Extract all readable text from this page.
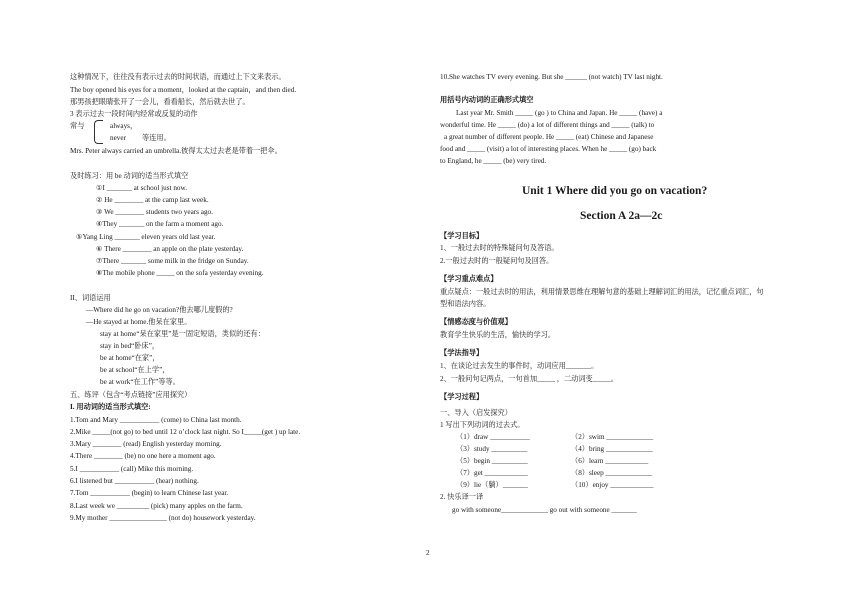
这种情况下，往往没有表示过去的时间状语，而通过上下文来表示。
The boy opened his eyes for a moment，looked at the captain，and then died.
那男孩把眼睛张开了一会儿，看看船长，然后就去世了。
3 表示过去一段时间内经常或反复的动作
常与	always，
never 等连用。
Mrs. Peter always carried an umbrella.彼得太太过去老是带着一把伞。
及时练习：用 be 动词的适当形式填空
①I _______ at school just now.
② He ________ at the camp last week.
③ We ________ students two years ago.
④They _______ on the farm a moment ago.
⑤Yang Ling _______ eleven years old last year.
⑥ There ________ an apple on the plate yesterday.
⑦There _______ some milk in the fridge on Sunday.
⑧The mobile phone _____ on the sofa yesterday evening.
II、词语运用
—Where did he go on vacation?他去哪儿度假的?
—He stayed at home.他呆在家里。
stay at home“呆在家里”是一固定短语，类似的还有：
stay in bed“卧床”，
be at home“在家”，
be at school“在上学”，
be at work“在工作”等等。
五、练评（包含“考点链接”应用探究）
I. 用动词的适当形式填空:
1.Tom and Mary ___________ (come) to China last month.
2.Mike _____(not go) to bed until 12 o’clock last night. So I_____(get ) up late.
3.Mary ________ (read) English yesterday morning.
4.There ________ (be) no one here a moment ago.
5.I ___________ (call) Mike this morning.
6.I listened but ___________ (hear) nothing.
7.Tom ___________ (begin) to learn Chinese last year.
8.Last week we _________ (pick) many apples on the farm.
9.My mother ________________ (not do) housework yesterday.
10.She watches TV every evening. But she ______ (not watch) TV last night.
用括号内动词的正确形式填空
Last year Mr. Smith _____ (go ) to China and Japan. He _____ (have) a
wonderful time. He _____ (do) a lot of different things and _____ (talk) to
a great number of different people. He _____ (eat) Chinese and Japanese
food and _____ (visit) a lot of interesting places. When he _____ (go) back
to England, he _____ (be) very tired.
Unit 1 Where did you go on vacation?
Section A 2a—2c
【学习目标】
1、一般过去时的特殊疑问句及答语。
2.一般过去时的一般疑问句及回答。
【学习重点难点】
重点疑点：一般过去时的用法，利用情景思维在理解句意的基础上理解词汇的用法，记忆重点词汇，句
型和语法内容。
【情感态度与价值观】
教育学生快乐的生活，愉快的学习。
【学法指导】
1、在谈论过去发生的事件时，动词应用_______。
2、一般问句记两点，一句首加_____ ，二动词变_____。
【学习过程】
一、导入（启发探究）
1 写出下列动词的过去式。
（1）draw ___________
（3）study __________
（5）begin __________
（7）get ____________
（9）lie（躺）_______
（2）swim _____________
（4）bring _____________
（6）learn ____________
（8）sleep _____________
（10）enjoy ____________
2. 快乐译一译
go with someone_____________ go out with someone _______
2
